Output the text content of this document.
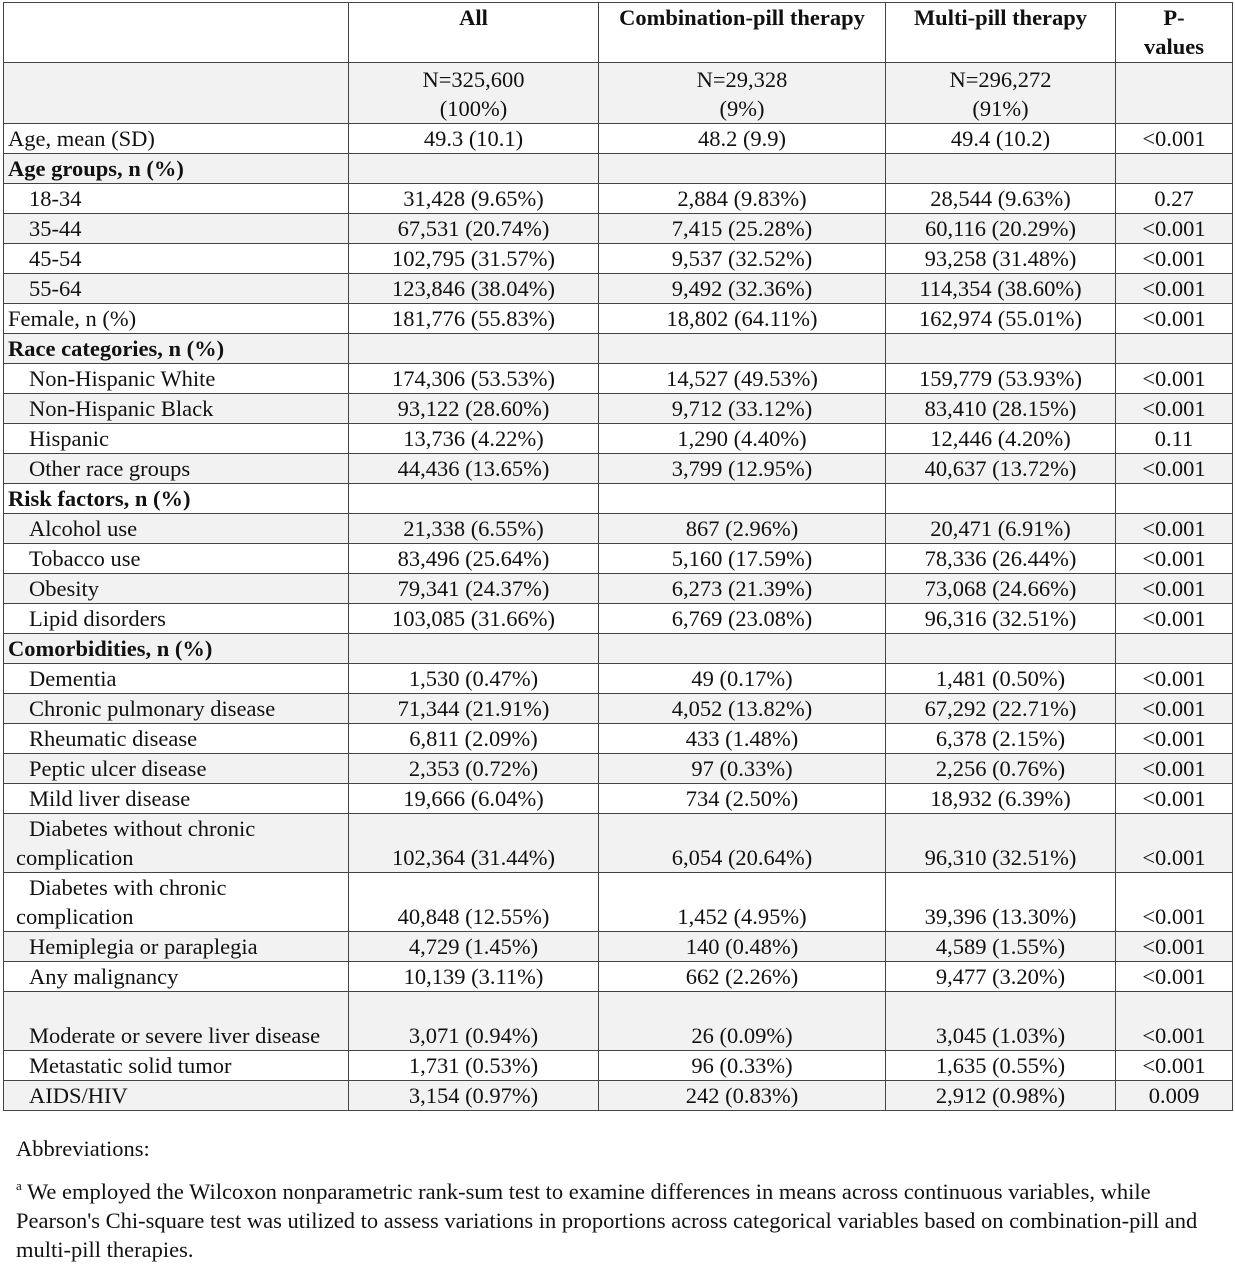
	All	Combination-pill therapy	Multi-pill therapy	P-values
	N=325,600 (100%)	N=29,328 (9%)	N=296,272 (91%)	
Age, mean (SD)	49.3 (10.1)	48.2 (9.9)	49.4 (10.2)	<0.001
Age groups, n (%)				
18-34	31,428 (9.65%)	2,884 (9.83%)	28,544 (9.63%)	0.27
35-44	67,531 (20.74%)	7,415 (25.28%)	60,116 (20.29%)	<0.001
45-54	102,795 (31.57%)	9,537 (32.52%)	93,258 (31.48%)	<0.001
55-64	123,846 (38.04%)	9,492 (32.36%)	114,354 (38.60%)	<0.001
Female, n (%)	181,776 (55.83%)	18,802 (64.11%)	162,974 (55.01%)	<0.001
Race categories, n (%)				
Non-Hispanic White	174,306 (53.53%)	14,527 (49.53%)	159,779 (53.93%)	<0.001
Non-Hispanic Black	93,122 (28.60%)	9,712 (33.12%)	83,410 (28.15%)	<0.001
Hispanic	13,736 (4.22%)	1,290 (4.40%)	12,446 (4.20%)	0.11
Other race groups	44,436 (13.65%)	3,799 (12.95%)	40,637 (13.72%)	<0.001
Risk factors, n (%)				
Alcohol use	21,338 (6.55%)	867 (2.96%)	20,471 (6.91%)	<0.001
Tobacco use	83,496 (25.64%)	5,160 (17.59%)	78,336 (26.44%)	<0.001
Obesity	79,341 (24.37%)	6,273 (21.39%)	73,068 (24.66%)	<0.001
Lipid disorders	103,085 (31.66%)	6,769 (23.08%)	96,316 (32.51%)	<0.001
Comorbidities, n (%)				
Dementia	1,530 (0.47%)	49 (0.17%)	1,481 (0.50%)	<0.001
Chronic pulmonary disease	71,344 (21.91%)	4,052 (13.82%)	67,292 (22.71%)	<0.001
Rheumatic disease	6,811 (2.09%)	433 (1.48%)	6,378 (2.15%)	<0.001
Peptic ulcer disease	2,353 (0.72%)	97 (0.33%)	2,256 (0.76%)	<0.001
Mild liver disease	19,666 (6.04%)	734 (2.50%)	18,932 (6.39%)	<0.001
Diabetes without chronic complication	102,364 (31.44%)	6,054 (20.64%)	96,310 (32.51%)	<0.001
Diabetes with chronic complication	40,848 (12.55%)	1,452 (4.95%)	39,396 (13.30%)	<0.001
Hemiplegia or paraplegia	4,729 (1.45%)	140 (0.48%)	4,589 (1.55%)	<0.001
Any malignancy	10,139 (3.11%)	662 (2.26%)	9,477 (3.20%)	<0.001
Moderate or severe liver disease	3,071 (0.94%)	26 (0.09%)	3,045 (1.03%)	<0.001
Metastatic solid tumor	1,731 (0.53%)	96 (0.33%)	1,635 (0.55%)	<0.001
AIDS/HIV	3,154 (0.97%)	242 (0.83%)	2,912 (0.98%)	0.009

Abbreviations:

$^a$ We employed the Wilcoxon nonparametric rank-sum test to examine differences in means across continuous variables, while Pearson's Chi-square test was utilized to assess variations in proportions across categorical variables based on combination-pill and multi-pill therapies.
